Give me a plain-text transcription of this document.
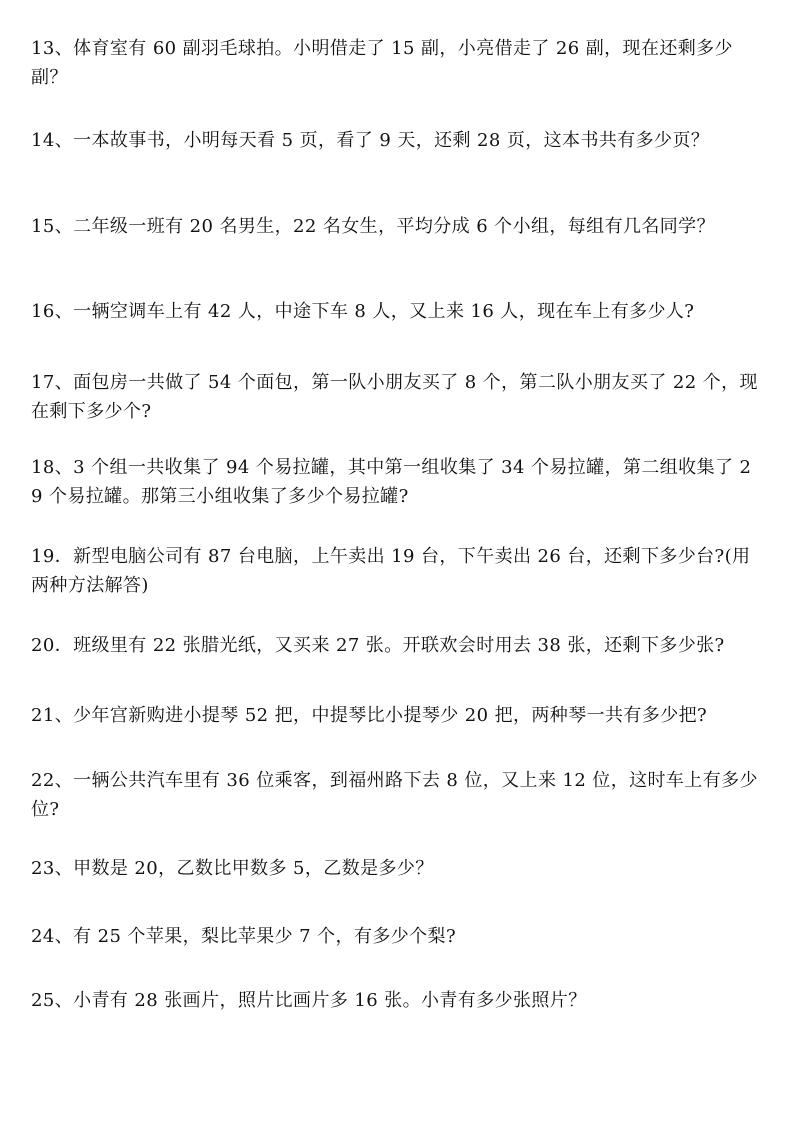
13、体育室有 60 副羽毛球拍。小明借走了 15 副，小亮借走了 26 副，现在还剩多少副？

14、一本故事书，小明每天看 5 页，看了 9 天，还剩 28 页，这本书共有多少页？

15、二年级一班有 20 名男生，22 名女生，平均分成 6 个小组，每组有几名同学？

16、一辆空调车上有 42 人，中途下车 8 人，又上来 16 人，现在车上有多少人?

17、面包房一共做了 54 个面包，第一队小朋友买了 8 个，第二队小朋友买了 22 个，现在剩下多少个?

18、3 个组一共收集了 94 个易拉罐，其中第一组收集了 34 个易拉罐，第二组收集了 29 个易拉罐。那第三小组收集了多少个易拉罐?

19．新型电脑公司有 87 台电脑，上午卖出 19 台，下午卖出 26 台，还剩下多少台?(用两种方法解答)

20．班级里有 22 张腊光纸，又买来 27 张。开联欢会时用去 38 张，还剩下多少张?

21、少年宫新购进小提琴 52 把，中提琴比小提琴少 20 把，两种琴一共有多少把?

22、一辆公共汽车里有 36 位乘客，到福州路下去 8 位，又上来 12 位，这时车上有多少位?

23、甲数是 20，乙数比甲数多 5，乙数是多少？

24、有 25 个苹果，梨比苹果少 7 个，有多少个梨?

25、小青有 28 张画片，照片比画片多 16 张。小青有多少张照片？
